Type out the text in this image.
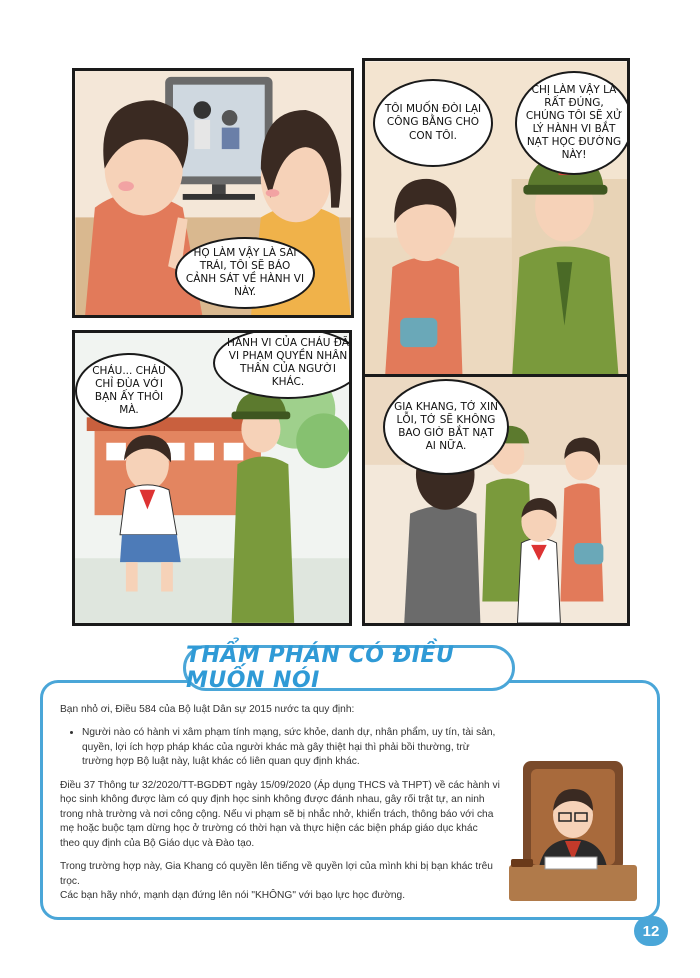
HỌ LÀM VẬY LÀ SAI TRÁI, TÔI SẼ BÁO CẢNH SÁT VỀ HÀNH VI NÀY.
TÔI MUỐN ĐÒI LẠI CÔNG BẰNG CHO CON TÔI.
CHỊ LÀM VẬY LÀ RẤT ĐÚNG, CHÚNG TÔI SẼ XỬ LÝ HÀNH VI BẮT NẠT HỌC ĐƯỜNG NÀY!
CHÁU... CHÁU CHỈ ĐÙA VỚI BẠN ẤY THÔI MÀ.
HÀNH VI CỦA CHÁU ĐÃ VI PHẠM QUYỀN NHÂN THÂN CỦA NGƯỜI KHÁC.
GIA KHANG, TỚ XIN LỖI, TỚ SẼ KHÔNG BAO GIỜ BẮT NẠT AI NỮA.
THẨM PHÁN CÓ ĐIỀU MUỐN NÓI

Bạn nhỏ ơi, Điều 584 của Bộ luật Dân sự 2015 nước ta quy định:

• Người nào có hành vi xâm phạm tính mạng, sức khỏe, danh dự, nhân phẩm, uy tín, tài sản, quyền, lợi ích hợp pháp khác của người khác mà gây thiệt hại thì phải bồi thường, trừ trường hợp Bộ luật này, luật khác có liên quan quy định khác.

Điều 37 Thông tư 32/2020/TT-BGDĐT ngày 15/09/2020 (Áp dụng THCS và THPT) về các hành vi học sinh không được làm có quy định học sinh không được đánh nhau, gây rối trật tự, an ninh trong nhà trường và nơi công cộng. Nếu vi phạm sẽ bị nhắc nhở, khiển trách, thông báo với cha mẹ hoặc buộc tạm dừng học ở trường có thời hạn và thực hiện các biện pháp giáo dục khác theo quy định của Bộ Giáo dục và Đào tạo.

Trong trường hợp này, Gia Khang có quyền lên tiếng về quyền lợi của mình khi bị bạn khác trêu trọc.

Các bạn hãy nhớ, mạnh dạn đứng lên nói "KHÔNG" với bạo lực học đường.

12
